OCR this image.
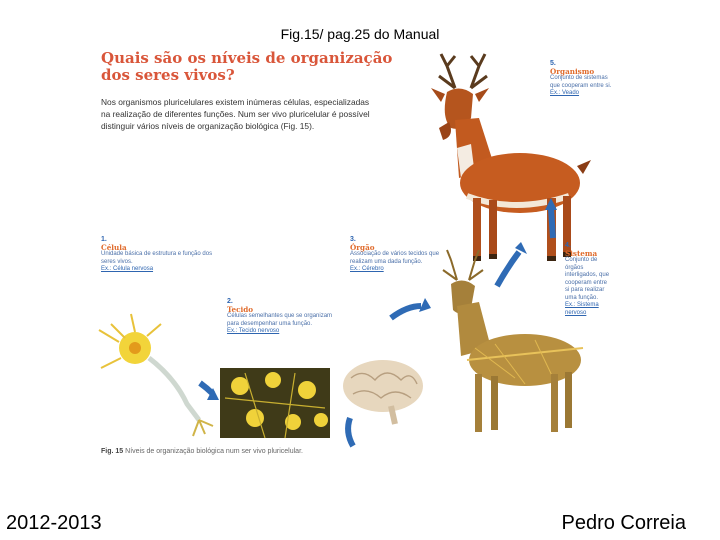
Fig.15/ pag.25 do Manual
Quais são os níveis de organização dos seres vivos?
Nos organismos pluricelulares existem inúmeras células, especializadas na realização de diferentes funções. Num ser vivo pluricelular é possível distinguir vários níveis de organização biológica (Fig. 15).
1.
Célula
Unidade básica de estrutura e função dos seres vivos.
Ex.: Célula nervosa
2.
Tecido
Células semelhantes que se organizam para desempenhar uma função.
Ex.: Tecido nervoso
3.
Órgão
Associação de vários tecidos que realizam uma dada função.
Ex.: Cérebro
4.
Sistema
Conjunto de órgãos interligados, que cooperam entre si para realizar uma função.
Ex.: Sistema nervoso
5.
Organismo
Conjunto de sistemas que cooperam entre si.
Ex.: Veado
Fig. 15 Níveis de organização biológica num ser vivo pluricelular.
2012-2013	Pedro Correia
